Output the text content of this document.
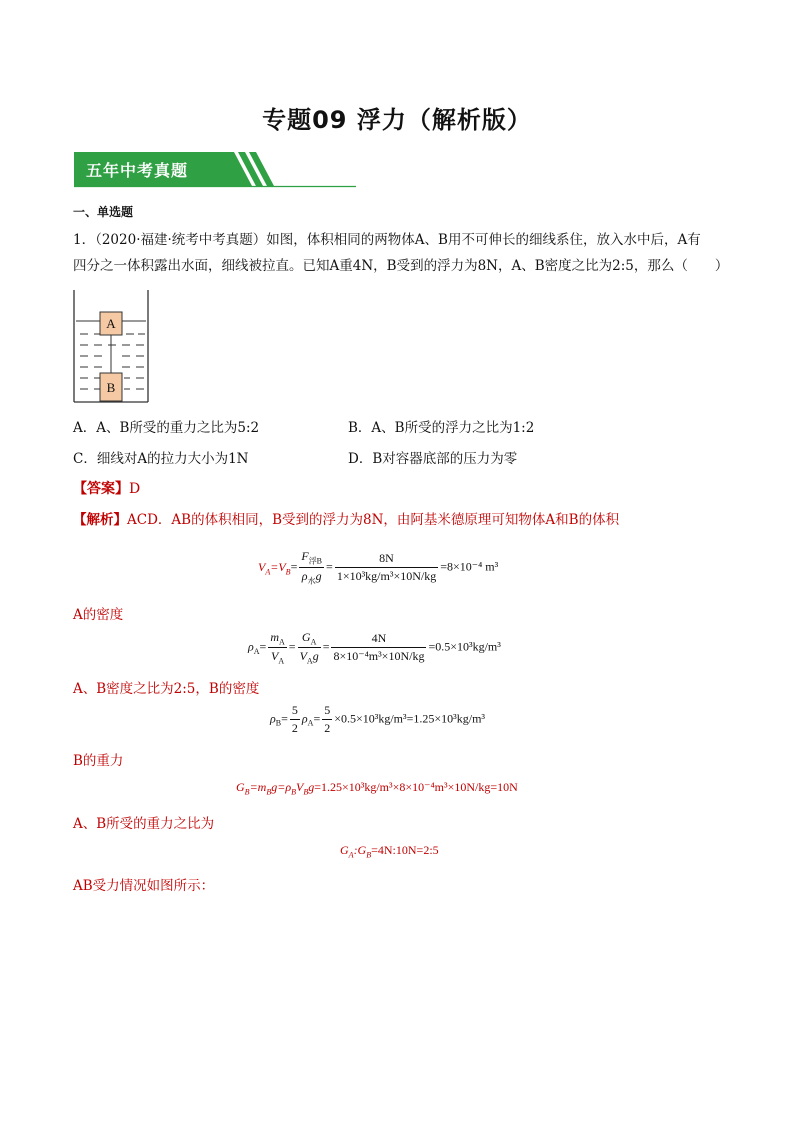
专题09 浮力（解析版）
五年中考真题
一、单选题
1．（2020·福建·统考中考真题）如图，体积相同的两物体A、B用不可伸长的细线系住，放入水中后，A有
四分之一体积露出水面，细线被拉直。已知A重4N，B受到的浮力为8N，A、B密度之比为2:5，那么（　　）
A
B
A．A、B所受的重力之比为5:2	B．A、B所受的浮力之比为1:2
C．细线对A的拉力大小为1N	D．B对容器底部的压力为零
【答案】D
【解析】ACD．AB的体积相同，B受到的浮力为8N，由阿基米德原理可知物体A和B的体积
$V_A=V_B= \frac{F_{浮B}}{\rho_水g} = \frac{8N}{\text{1×10³kg/m³×10N/kg}} =8\times 10^{-4}$ m³
A的密度
$\rho_A= \frac{m_A}{V_A} = \frac{G_A}{V_Ag} = \frac{4N}{\text{8×10⁻⁴m³×10N/kg}} =0.5\times 10^3kg/m^3$
A、B密度之比为2:5，B的密度
$\rho_B= \frac{5}{2} \rho_A= \frac{5}{2} \times 0.5\times 10^3kg/m^3=1.25\times 10^3kg/m^3$
B的重力
$G_B=m_Bg=\rho_BV_Bg=1.25\times 10^3kg/m^3\times 8\times 10^{-4}m^3\times 10N/kg=10N$
A、B所受的重力之比为
$G_A:G_B=4N:10N=2:5$
AB受力情况如图所示：
